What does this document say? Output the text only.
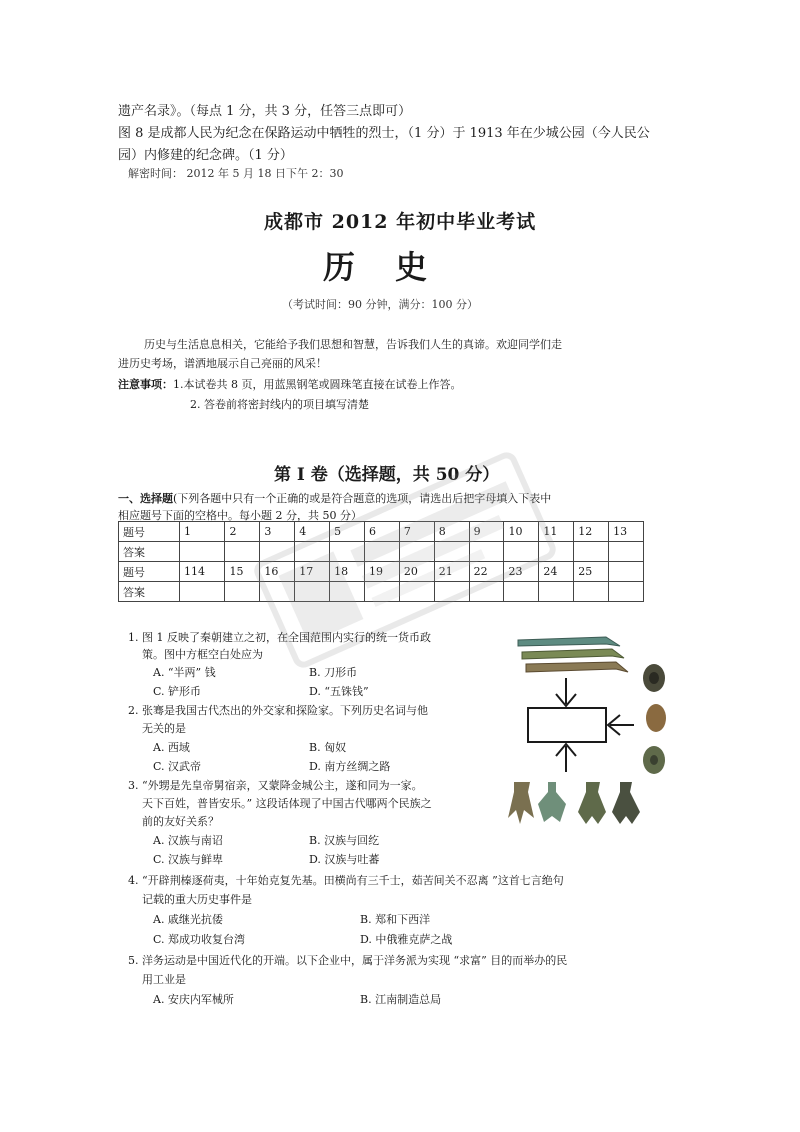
遗产名录》。（每点 1 分，共 3 分，任答三点即可）
图 8 是成都人民为纪念在保路运动中牺牲的烈士，（1 分）于 1913 年在少城公园（今人民公
园）内修建的纪念碑。（1 分）
解密时间： 2012 年 5 月 18 日下午 2：30
成都市 2012 年初中毕业考试
历史
（考试时间：90 分钟，满分：100 分）
历史与生活息息相关，它能给予我们思想和智慧，告诉我们人生的真谛。欢迎同学们走
进历史考场，谱洒地展示自己亮丽的风采！
注意事项：1.本试卷共 8 页，用蓝黑钢笔或圆珠笔直接在试卷上作答。
2. 答卷前将密封线内的项目填写清楚
第 I 卷（选择题，共 50 分）
一、选择题(下列各题中只有一个正确的或是符合题意的选项，请选出后把字母填入下表中
相应题号下面的空格中。每小题 2 分，共 50 分）
题号	1	2	3	4	5	6	7	8	9	10	11	12	13
答案													
题号	114	15	16	17	18	19	20	21	22	23	24	25	
答案													
1. 图 1 反映了秦朝建立之初，在全国范围内实行的统一货币政
策。图中方框空白处应为
A. “半两” 钱	B. 刀形币
C. 铲形币	D. “五铢钱”
2. 张骞是我国古代杰出的外交家和探险家。下列历史名词与他
无关的是
A. 西域	B. 匈奴
C. 汉武帝	D. 南方丝绸之路
3. “外甥是先皇帝舅宿亲，又蒙降金城公主，遂和同为一家。
天下百姓，普皆安乐。” 这段话体现了中国古代哪两个民族之
前的友好关系？
A. 汉族与南诏	B. 汉族与回纥
C. 汉族与鲜卑	D. 汉族与吐蕃
4. “开辟荆榛逐荷夷，十年始克复先基。田横尚有三千士，茹苦间关不忍离 ”这首七言绝句
记载的重大历史事件是
A. 戚继光抗倭	B. 郑和下西洋
C. 郑成功收复台湾	D. 中俄雅克萨之战
5. 洋务运动是中国近代化的开端。以下企业中，属于洋务派为实现 “求富” 目的而举办的民
用工业是
A. 安庆内军械所	B. 江南制造总局
